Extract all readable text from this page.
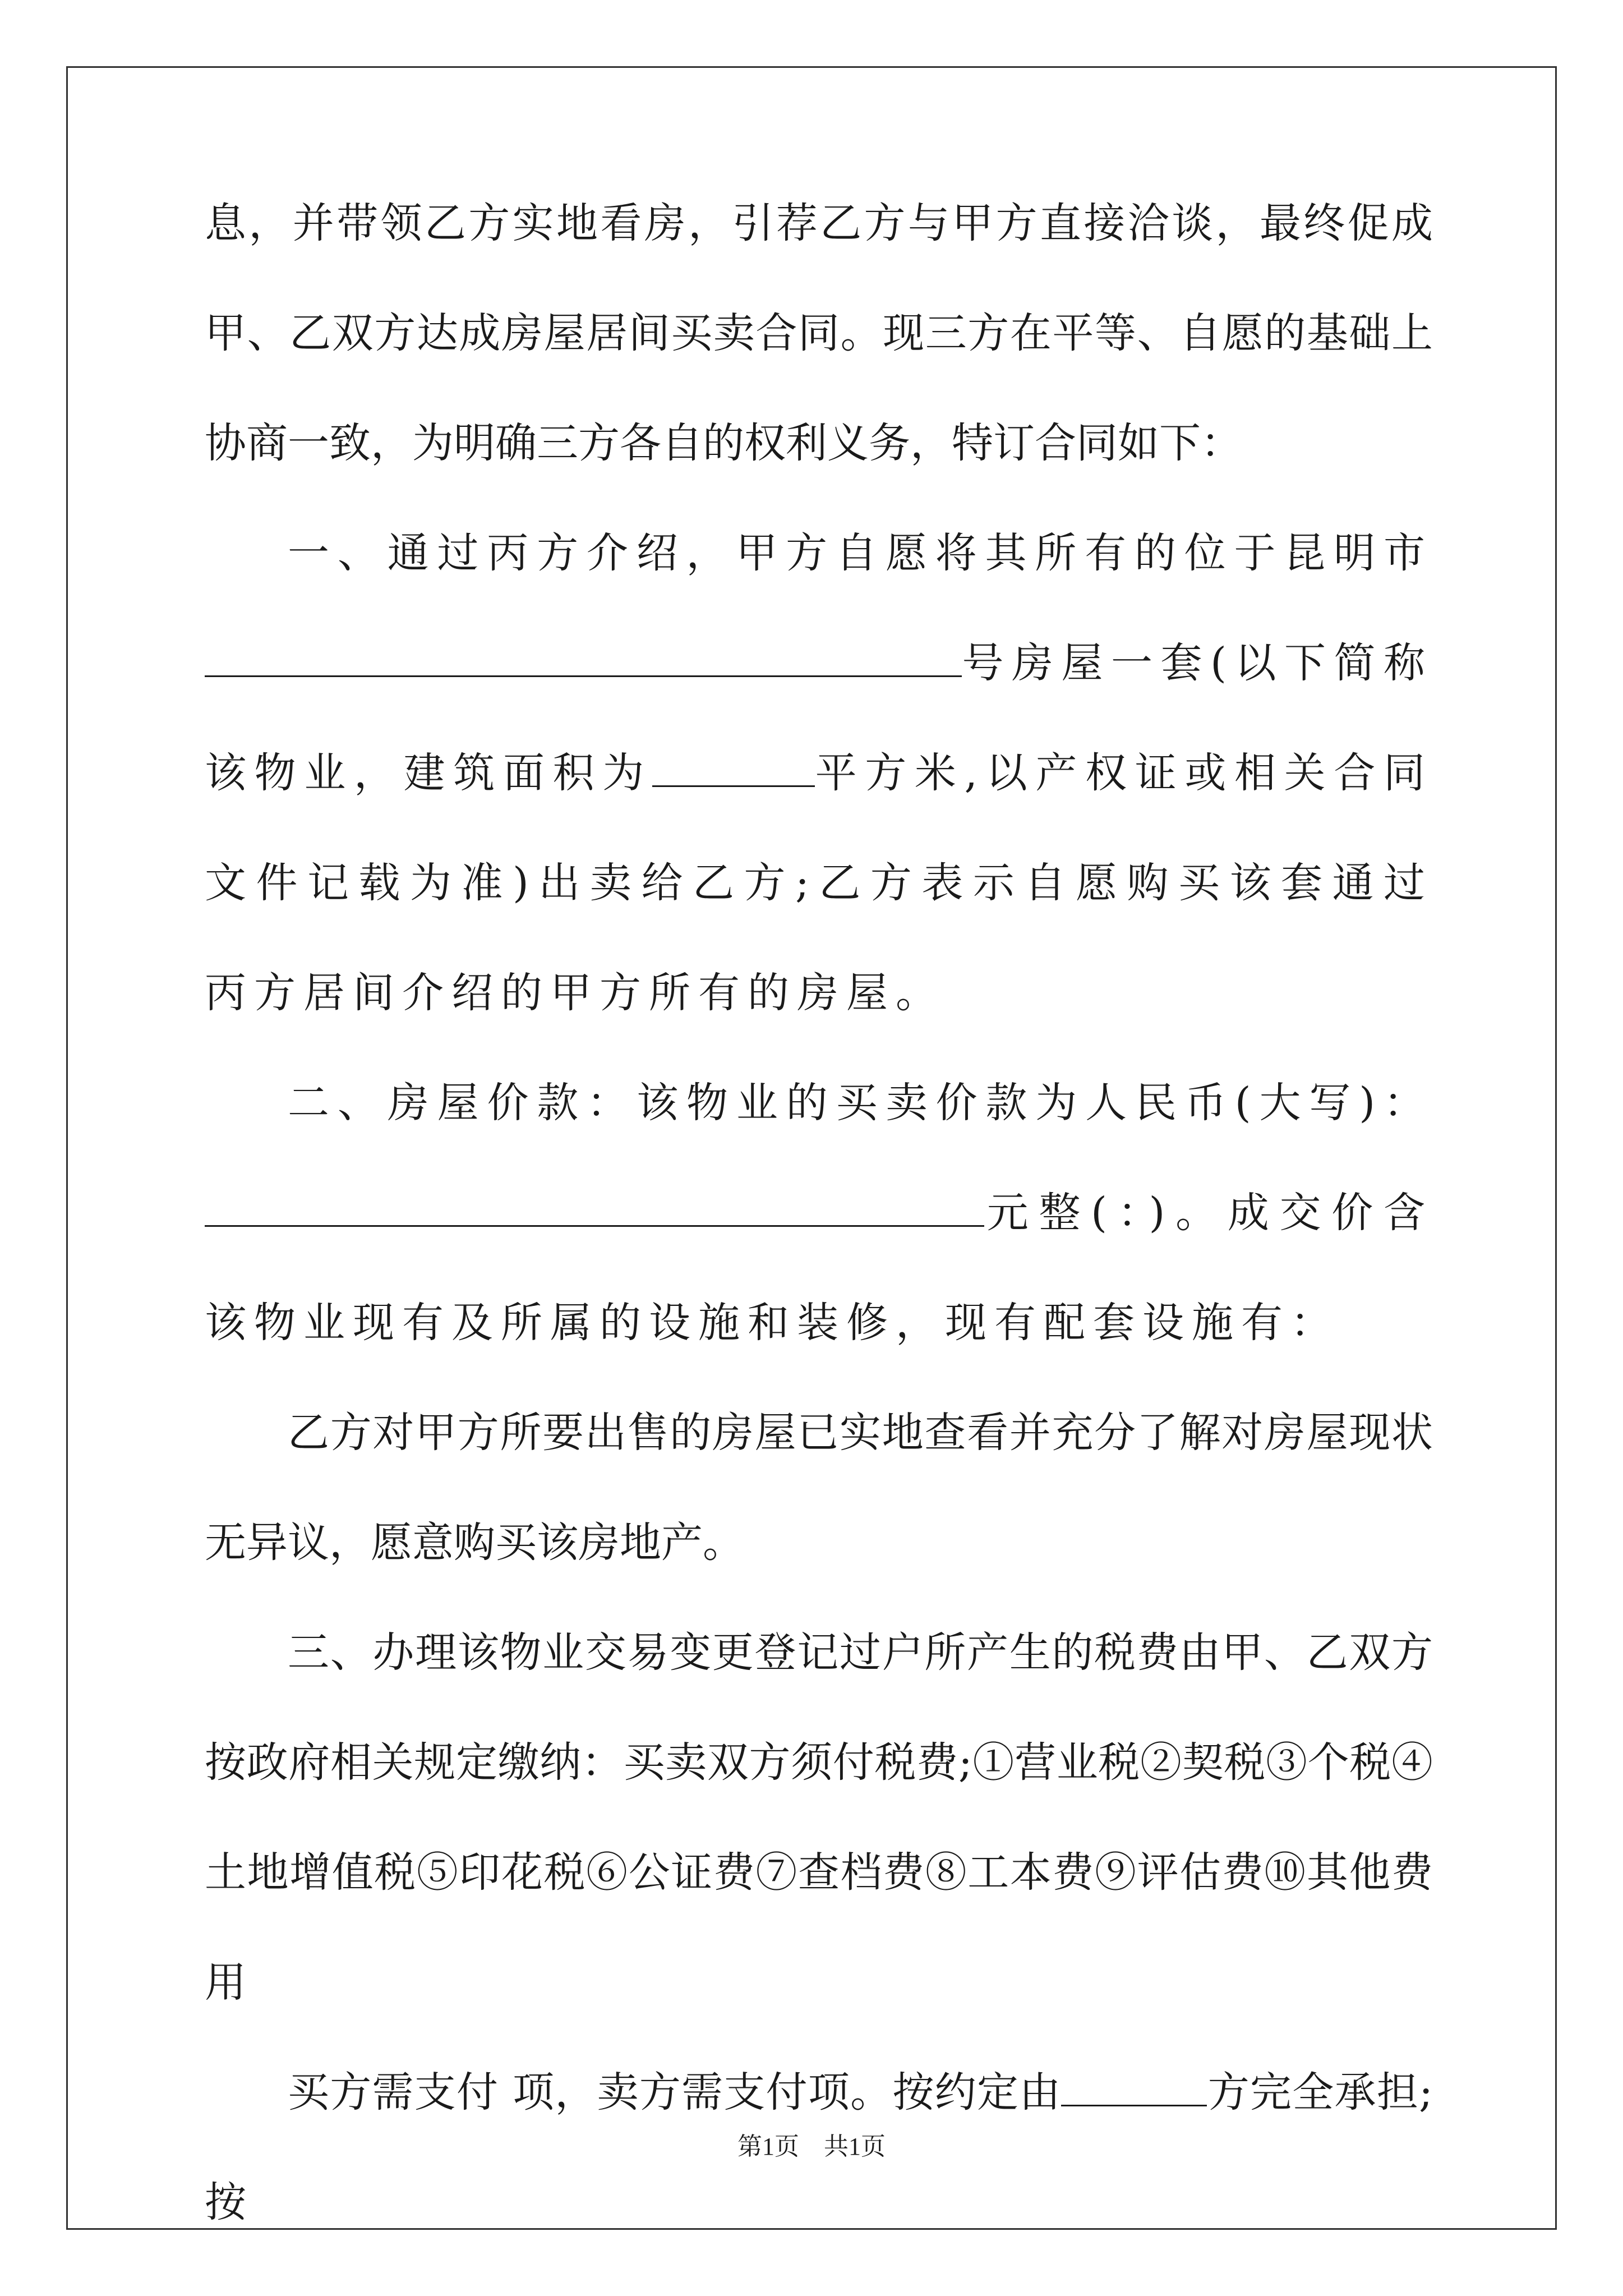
息，并带领乙方实地看房，引荐乙方与甲方直接洽谈，最终促成甲、乙双方达成房屋居间买卖合同。现三方在平等、自愿的基础上协商一致，为明确三方各自的权利义务，特订合同如下：

一、通过丙方介绍，甲方自愿将其所有的位于昆明市号房屋一套(以下简称该物业，建筑面积为	平方米,以产权证或相关合同文件记载为准)出卖给乙方;乙方表示自愿购买该套通过丙方居间介绍的甲方所有的房屋。

二、房屋价款：该物业的买卖价款为人民币(大写)：元整(：)。成交价含该物业现有及所属的设施和装修，现有配套设施有：

乙方对甲方所要出售的房屋已实地查看并充分了解对房屋现状无异议，愿意购买该房地产。

三、办理该物业交易变更登记过户所产生的税费由甲、乙双方按政府相关规定缴纳：买卖双方须付税费;①营业税②契税③个税④土地增值税⑤印花税⑥公证费⑦查档费⑧工本费⑨评估费⑩其他费用

买方需支付 项，卖方需支付项。按约定由	方完全承担;按

第1页　共1页
